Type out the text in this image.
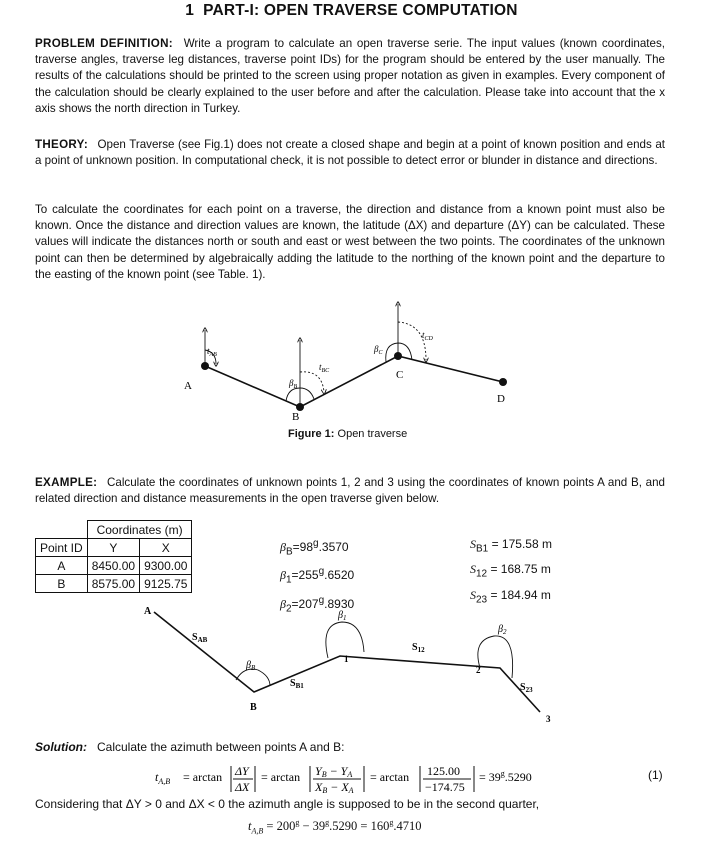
1 PART-I: OPEN TRAVERSE COMPUTATION
PROBLEM DEFINITION: Write a program to calculate an open traverse serie. The input values (known coordinates, traverse angles, traverse leg distances, traverse point IDs) for the program should be entered by the user manually. The results of the calculations should be printed to the screen using proper notation as given in examples. Every component of the calculation should be clearly explained to the user before and after the calculation. Please take into account that the x axis shows the north direction in Turkey.
THEORY: Open Traverse (see Fig.1) does not create a closed shape and begin at a point of known position and ends at a point of unknown position. In computational check, it is not possible to detect error or blunder in distance and directions.
To calculate the coordinates for each point on a traverse, the direction and distance from a known point must also be known. Once the distance and direction values are known, the latitude (ΔX) and departure (ΔY) can be calculated. These values will indicate the distances north or south and east or west between the two points. The coordinates of the unknown point can then be determined by algebraically adding the latitude to the northing of the known point and the departure to the easting of the known point (see Table. 1).
A
B
C
D
$t_{AB}$
$t_{BC}$
$t_{CD}$
$\beta_B$
$\beta_C$
Figure 1: Open traverse
EXAMPLE: Calculate the coordinates of unknown points 1, 2 and 3 using the coordinates of known points A and B, and related direction and distance measurements in the open traverse given below.
	Coordinates (m)	
Point ID	Y	X
A	8450.00	9300.00
B	8575.00	9125.75
$\beta_B=98^g.3570$
$\beta_1=255^g.6520$
$\beta_2=207^g.8930$
$S_{B1} = 175.58$ m
$S_{12} = 168.75$ m
$S_{23} = 184.94$ m
A
B
1
2
3
$S_{AB}$
$\beta_B$
$S_{B1}$
$\beta_1$
$S_{12}$
$\beta_2$
$S_{23}$
Solution: Calculate the azimuth between points A and B:
$t_{A,B} = \arctan \Delta Y$
ΔX
= arctan YB − YA
XB − XA
= arctan 125.00
−174.75
= $39^g.5290$	(1)
Considering that ΔY > 0 and ΔX < 0 the azimuth angle is supposed to be in the second quarter,
$t_{A,B} = 200^g - 39^g.5290 = 160^g.4710$
